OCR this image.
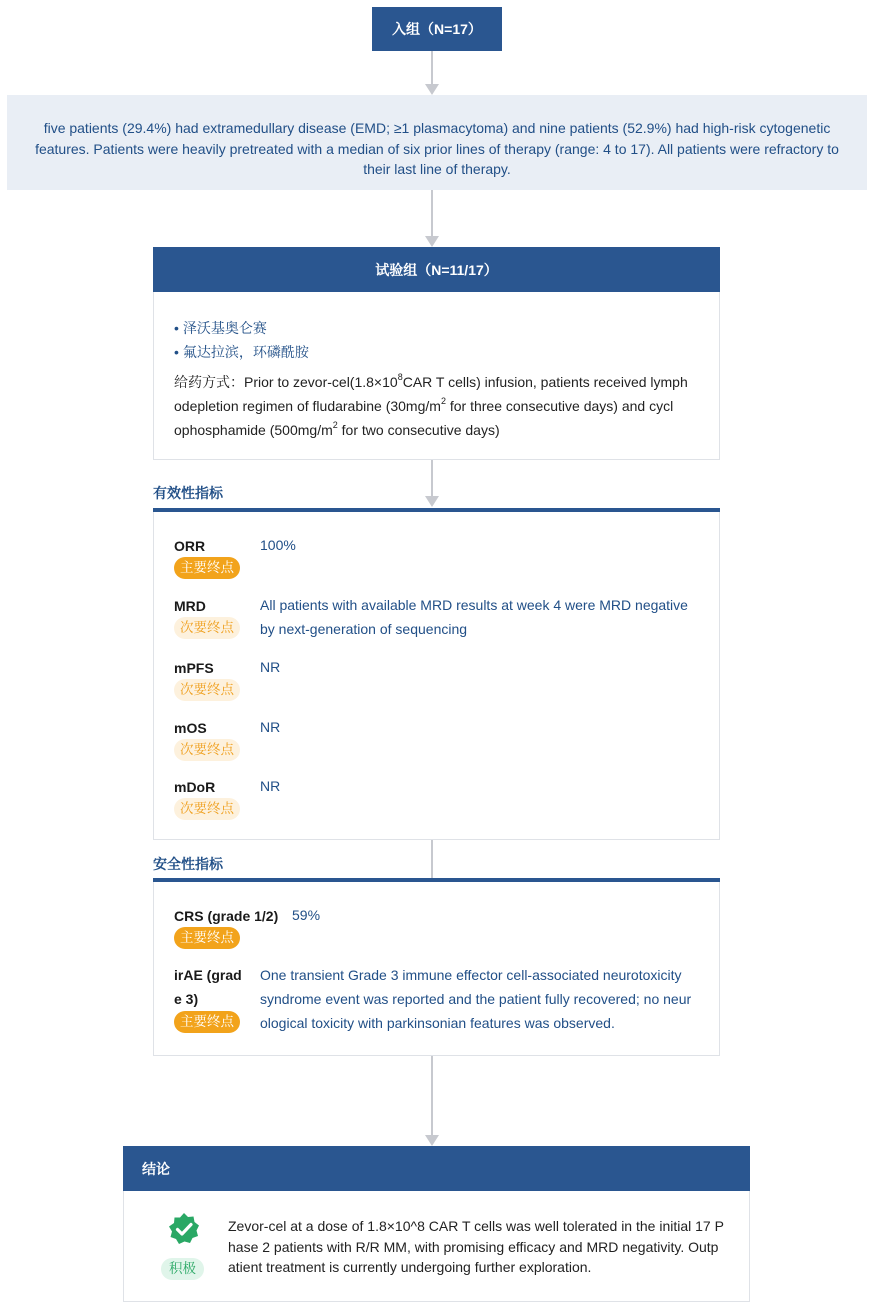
入组（N=17）
five patients (29.4%) had extramedullary disease (EMD; ≥1 plasmacytoma) and nine patients (52.9%) had high-risk cytogenetic features. Patients were heavily pretreated with a median of six prior lines of therapy (range: 4 to 17). All patients were refractory to their last line of therapy.
试验组（N=11/17）
• 泽沃基奥仑赛
• 氟达拉滨，环磷酰胺
给药方式：Prior to zevor-$cel(1.8\times 10^8CAR$ T cells) infusion, patients received lymph
odepletion regimen of fludarabine ($30mg/m^2$ for three consecutive days) and cycl
ophosphamide ($500mg/m^2$ for two consecutive days)
有效性指标
ORR
主要终点
100%
MRD
次要终点
All patients with available MRD results at week 4 were MRD negative
by next-generation of sequencing
mPFS
次要终点
NR
mOS
次要终点
NR
mDoR
次要终点
NR
安全性指标
CRS (grade 1/2)
主要终点
59%
irAE (grad
e 3)
主要终点
One transient Grade 3 immune effector cell-associated neurotoxicity
syndrome event was reported and the patient fully recovered; no neur
ological toxicity with parkinsonian features was observed.
结论
积极
Zevor-cel at a dose of 1.8×10^8 CAR T cells was well tolerated in the initial 17 P
hase 2 patients with R/R MM, with promising efficacy and MRD negativity. Outp
atient treatment is currently undergoing further exploration.
